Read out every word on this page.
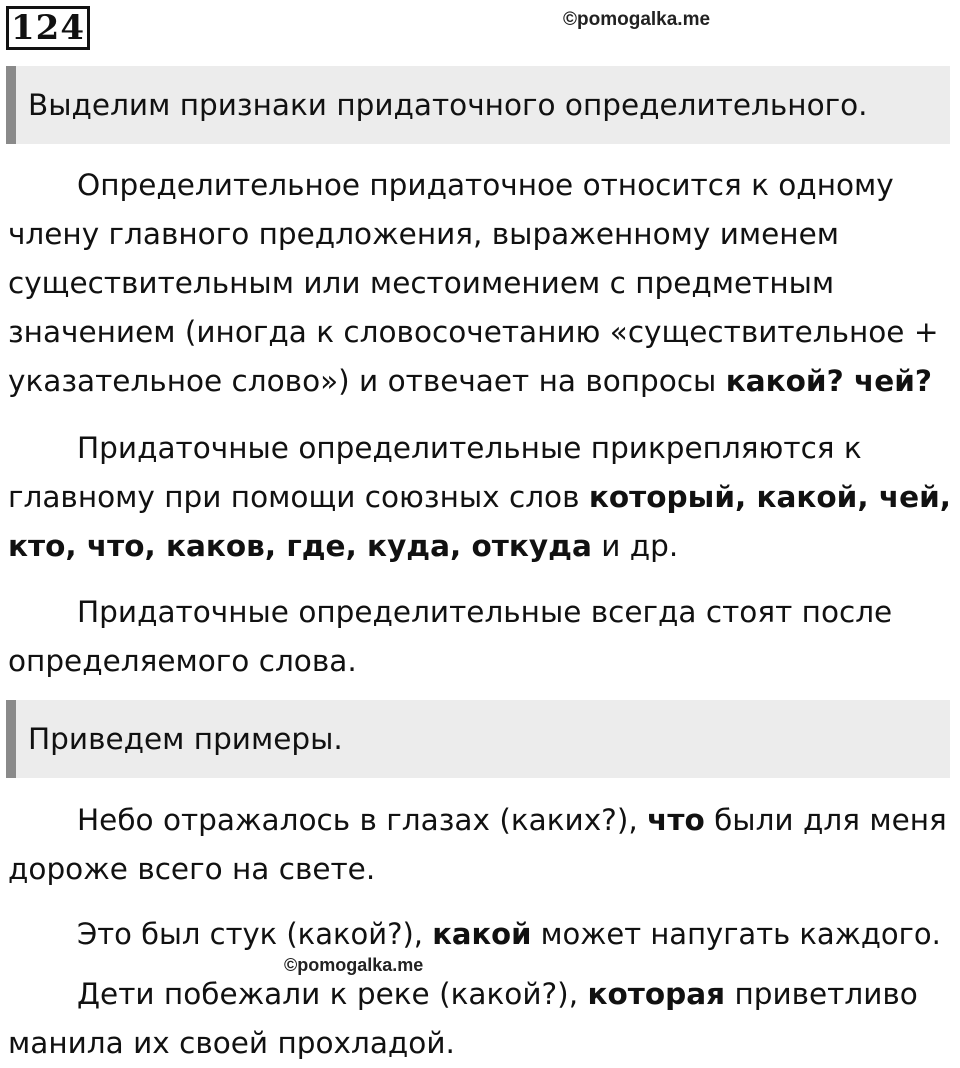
124	©pomogalka.me
Выделим признаки придаточного определительного.
Определительное придаточное относится к одному
члену главного предложения, выраженному именем
существительным или местоимением с предметным
значением (иногда к словосочетанию «существительное +
указательное слово») и отвечает на вопросы какой? чей?
Придаточные определительные прикрепляются к
главному при помощи союзных слов который, какой, чей,
кто, что, каков, где, куда, откуда и др.
Придаточные определительные всегда стоят после
определяемого слова.
Приведем примеры.
Небо отражалось в глазах (каких?), что были для меня
дороже всего на свете.
Это был стук (какой?), какой может напугать каждого.
©pomogalka.me
Дети побежали к реке (какой?), которая приветливо
манила их своей прохладой.
